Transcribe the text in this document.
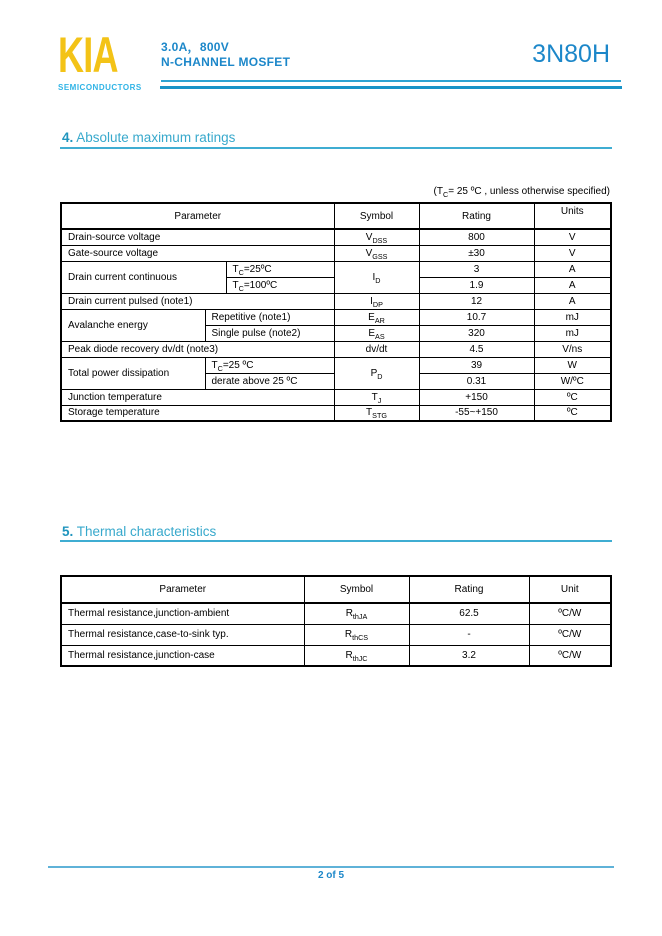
KIA
SEMICONDUCTORS
3.0A，800V
N-CHANNEL MOSFET	3N80H
4. Absolute maximum ratings
($T_C= 25$ ºC , unless otherwise specified)
Parameter			Symbol	Rating	Units
Drain-source voltage			$V_{DSS}$	800	V
Gate-source voltage			$V_{GSS}$	±30	V
Drain current continuous		$T_C=25ºC$	$I_D$	3	A
		$T_C=100ºC$		1.9	A
Drain current pulsed (note1)			$I_{DP}$	12	A
Avalanche energy	Repetitive (note1)		$E_{AR}$	10.7	mJ
	Single pulse (note2)		$E_{AS}$	320	mJ
Peak diode recovery dv/dt (note3)			dv/dt	4.5	V/ns
Total power dissipation	$T_C=25$ ºC		$P_D$	39	W
	derate above 25 ºC			0.31	W/ºC
Junction temperature			$T_J$	+150	ºC
Storage temperature			$T_{STG}$	-55~+150	ºC
5. Thermal characteristics
Parameter	Symbol	Rating	Unit
Thermal resistance,junction-ambient	$R_{thJA}$	62.5	ºC/W
Thermal resistance,case-to-sink typ.	$R_{thCS}$	-	ºC/W
Thermal resistance,junction-case	$R_{thJC}$	3.2	ºC/W
2 of 5
